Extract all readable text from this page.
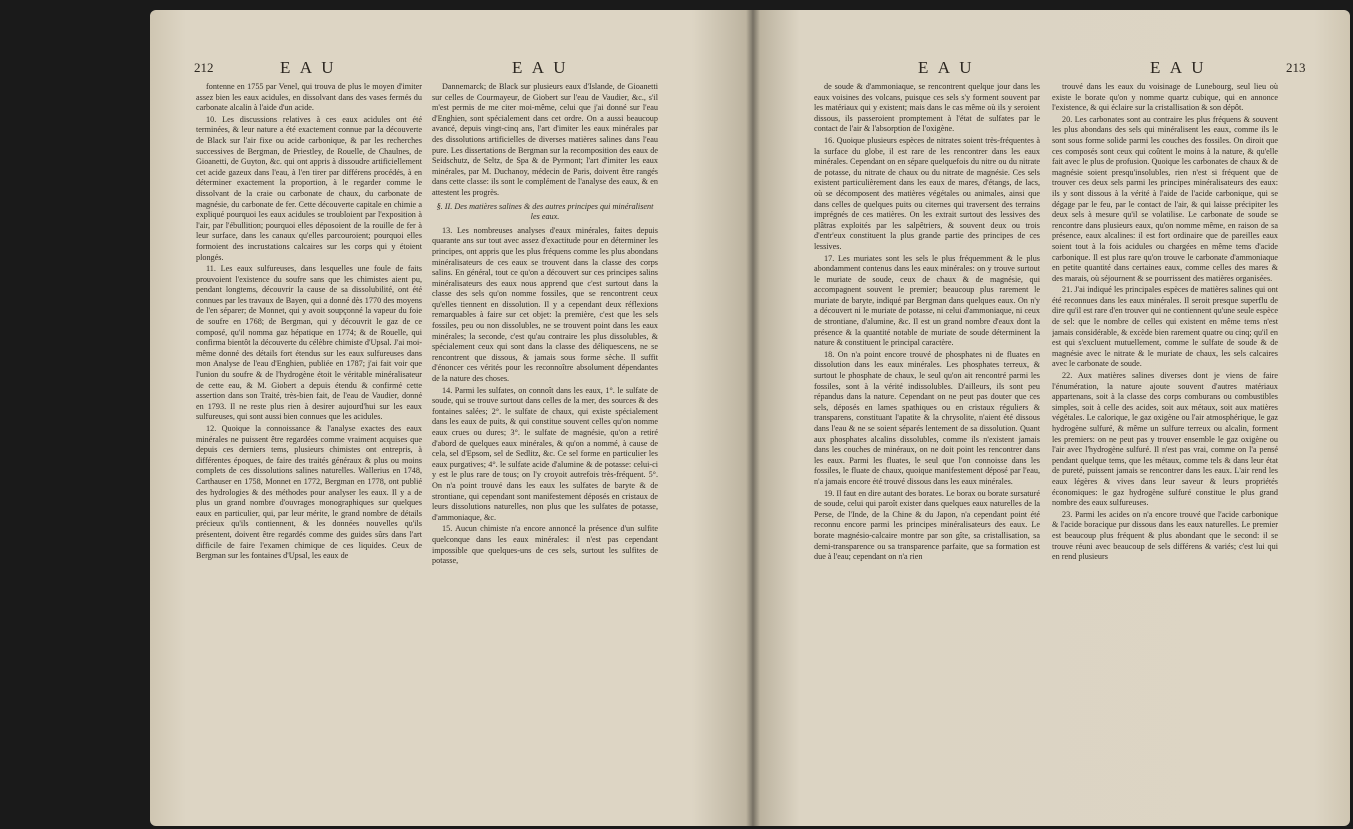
212	E A U	E A U

fontenne en 1755 par Venel, qui trouva de plus le moyen d'imiter assez bien les eaux acidules, en dissolvant dans des vases fermés du carbonate alcalin à l'aide d'un acide.

10. Les discussions relatives à ces eaux acidules ont été terminées, & leur nature a été exactement connue par la découverte de Black sur l'air fixe ou acide carbonique, & par les recherches successives de Bergman, de Priestley, de Rouelle, de Chaulnes, de Gioanetti, de Guyton, &c. qui ont appris à dissoudre artificiellement cet acide gazeux dans l'eau, à l'en tirer par différens procédés, à en déterminer exactement la proportion, à le regarder comme le dissolvant de la craie ou carbonate de chaux, du carbonate de magnésie, du carbonate de fer. Cette découverte capitale en chimie a expliqué pourquoi les eaux acidules se troubloient par l'exposition à l'air, par l'ébullition; pourquoi elles déposoient de la rouille de fer à leur surface, dans les canaux qu'elles parcouroient; pourquoi elles formoient des incrustations calcaires sur les corps qui y étoient plongés.

11. Les eaux sulfureuses, dans lesquelles une foule de faits prouvoient l'existence du soufre sans que les chimistes aient pu, pendant longtems, découvrir la cause de sa dissolubilité, ont été connues par les travaux de Bayen, qui a donné dès 1770 des moyens de l'en séparer; de Monnet, qui y avoit soupçonné la vapeur du foie de soufre en 1768; de Bergman, qui y découvrit le gaz de ce composé, qu'il nomma gaz hépatique en 1774; & de Rouelle, qui confirma bientôt la découverte du célèbre chimiste d'Upsal. J'ai moi-même donné des détails fort étendus sur les eaux sulfureuses dans mon Analyse de l'eau d'Enghien, publiée en 1787; j'ai fait voir que l'union du soufre & de l'hydrogène étoit le véritable minéralisateur de cette eau, & M. Giobert a depuis étendu & confirmé cette assertion dans son Traité, très-bien fait, de l'eau de Vaudier, donné en 1793. Il ne reste plus rien à desirer aujourd'hui sur les eaux sulfureuses, qui sont aussi bien connues que les acidules.

12. Quoique la connoissance & l'analyse exactes des eaux minérales ne puissent être regardées comme vraiment acquises que depuis ces derniers tems, plusieurs chimistes ont entrepris, à différentes époques, de faire des traités généraux & plus ou moins complets de ces dissolutions salines naturelles. Wallerius en 1748, Carthauser en 1758, Monnet en 1772, Bergman en 1778, ont publié des hydrologies & des méthodes pour analyser les eaux. Il y a de plus un grand nombre d'ouvrages monographiques sur quelques eaux en particulier, qui, par leur mérite, le grand nombre de détails précieux qu'ils contiennent, & les données nouvelles qu'ils présentent, doivent être regardés comme des guides sûrs dans l'art difficile de faire l'examen chimique de ces liquides. Ceux de Bergman sur les fontaines d'Upsal, les eaux de

Dannemarck; de Black sur plusieurs eaux d'Islande, de Gioanetti sur celles de Courmayeur, de Giobert sur l'eau de Vaudier, &c., s'il m'est permis de me citer moi-même, celui que j'ai donné sur l'eau d'Enghien, sont spécialement dans cet ordre. On a aussi beaucoup avancé, depuis vingt-cinq ans, l'art d'imiter les eaux minérales par des dissolutions artificielles de diverses matières salines dans l'eau pure. Les dissertations de Bergman sur la recomposition des eaux de Seidschutz, de Seltz, de Spa & de Pyrmont; l'art d'imiter les eaux minérales, par M. Duchanoy, médecin de Paris, doivent être rangés dans cette classe: ils sont le complément de l'analyse des eaux, & en attestent les progrès.

§. II. Des matières salines & des autres principes qui minéralisent les eaux.

13. Les nombreuses analyses d'eaux minérales, faites depuis quarante ans sur tout avec assez d'exactitude pour en déterminer les principes, ont appris que les plus fréquens comme les plus abondans minéralisateurs de ces eaux se trouvent dans la classe des corps salins. En général, tout ce qu'on a découvert sur ces principes salins minéralisateurs des eaux nous apprend que c'est surtout dans la classe des sels qu'on nomme fossiles, que se rencontrent ceux qu'elles tiennent en dissolution. Il y a cependant deux réflexions remarquables à faire sur cet objet: la première, c'est que les sels fossiles, peu ou non dissolubles, ne se trouvent point dans les eaux minérales; la seconde, c'est qu'au contraire les plus dissolubles, & spécialement ceux qui sont dans la classe des déliquescens, ne se rencontrent que dissous, & jamais sous forme sèche. Il suffit d'énoncer ces vérités pour les reconnoître absolument dépendantes de la nature des choses.

14. Parmi les sulfates, on connoît dans les eaux, 1°. le sulfate de soude, qui se trouve surtout dans celles de la mer, des sources & des fontaines salées; 2°. le sulfate de chaux, qui existe spécialement dans les eaux de puits, & qui constitue souvent celles qu'on nomme eaux crues ou dures; 3°. le sulfate de magnésie, qu'on a retiré d'abord de quelques eaux minérales, & qu'on a nommé, à cause de cela, sel d'Epsom, sel de Sedlitz, &c. Ce sel forme en particulier les eaux purgatives; 4°. le sulfate acide d'alumine & de potasse: celui-ci y est le plus rare de tous; on l'y croyoit autrefois très-fréquent. 5°. On n'a point trouvé dans les eaux les sulfates de baryte & de strontiane, qui cependant sont manifestement déposés en cristaux de leurs dissolutions naturelles, non plus que les sulfates de potasse, d'ammoniaque, &c.

15. Aucun chimiste n'a encore annoncé la présence d'un sulfite quelconque dans les eaux minérales: il n'est pas cependant impossible que quelques-uns de ces sels, surtout les sulfites de potasse,

E A U	E A U	213

de soude & d'ammoniaque, se rencontrent quelque jour dans les eaux voisines des volcans, puisque ces sels s'y forment souvent par les matériaux qui y existent; mais dans le cas même où ils y seroient dissous, ils passeroient promptement à l'état de sulfates par le contact de l'air & l'absorption de l'oxigène.

16. Quoique plusieurs espèces de nitrates soient très-fréquentes à la surface du globe, il est rare de les rencontrer dans les eaux minérales. Cependant on en sépare quelquefois du nitre ou du nitrate de potasse, du nitrate de chaux ou du nitrate de magnésie. Ces sels existent particulièrement dans les eaux de mares, d'étangs, de lacs, où se décomposent des matières végétales ou animales, ainsi que dans celles de quelques puits ou citernes qui traversent des terrains imprégnés de ces matières. On les extrait surtout des lessives des plâtras exploités par les salpêtriers, & souvent deux ou trois d'entr'eux constituent la plus grande partie des principes de ces lessives.

17. Les muriates sont les sels le plus fréquemment & le plus abondamment contenus dans les eaux minérales: on y trouve surtout le muriate de soude, ceux de chaux & de magnésie, qui accompagnent souvent le premier; beaucoup plus rarement le muriate de baryte, indiqué par Bergman dans quelques eaux. On n'y a découvert ni le muriate de potasse, ni celui d'ammoniaque, ni ceux de strontiane, d'alumine, &c. Il est un grand nombre d'eaux dont la présence & la quantité notable de muriate de soude déterminent la nature & constituent le principal caractère.

18. On n'a point encore trouvé de phosphates ni de fluates en dissolution dans les eaux minérales. Les phosphates terreux, & surtout le phosphate de chaux, le seul qu'on ait rencontré parmi les fossiles, sont à la vérité indissolubles. D'ailleurs, ils sont peu répandus dans la nature. Cependant on ne peut pas douter que ces sels, déposés en lames spathiques ou en cristaux réguliers & transparens, constituant l'apatite & la chrysolite, n'aient été dissous dans l'eau & ne se soient séparés lentement de sa dissolution. Quant aux phosphates alcalins dissolubles, comme ils n'existent jamais dans les couches de minéraux, on ne doit point les rencontrer dans les eaux. Parmi les fluates, le seul que l'on connoisse dans les fossiles, le fluate de chaux, quoique manifestement déposé par l'eau, n'a jamais encore été trouvé dissous dans les eaux minérales.

19. Il faut en dire autant des borates. Le borax ou borate sursaturé de soude, celui qui paroît exister dans quelques eaux naturelles de la Perse, de l'Inde, de la Chine & du Japon, n'a cependant point été reconnu encore parmi les principes minéralisateurs des eaux. Le borate magnésio-calcaire montre par son gîte, sa cristallisation, sa demi-transparence ou sa transparence parfaite, que sa formation est due à l'eau; cependant on n'a rien

trouvé dans les eaux du voisinage de Lunebourg, seul lieu où existe le borate qu'on y nomme quartz cubique, qui en annonce l'existence, & qui éclaire sur la cristallisation & son dépôt.

20. Les carbonates sont au contraire les plus fréquens & souvent les plus abondans des sels qui minéralisent les eaux, comme ils le sont sous forme solide parmi les couches des fossiles. On diroit que ces composés sont ceux qui coûtent le moins à la nature, & qu'elle fait avec le plus de profusion. Quoique les carbonates de chaux & de magnésie soient presqu'insolubles, rien n'est si fréquent que de trouver ces deux sels parmi les principes minéralisateurs des eaux: ils y sont dissous à la vérité à l'aide de l'acide carbonique, qui se dégage par le feu, par le contact de l'air, & qui laisse précipiter les deux sels à mesure qu'il se volatilise. Le carbonate de soude se rencontre dans plusieurs eaux, qu'on nomme même, en raison de sa présence, eaux alcalines: il est fort ordinaire que de pareilles eaux soient tout à la fois acidules ou chargées en même tems d'acide carbonique. Il est plus rare qu'on trouve le carbonate d'ammoniaque en petite quantité dans certaines eaux, comme celles des mares & des marais, où séjournent & se pourrissent des matières organisées.

21. J'ai indiqué les principales espèces de matières salines qui ont été reconnues dans les eaux minérales. Il seroit presque superflu de dire qu'il est rare d'en trouver qui ne contiennent qu'une seule espèce de sel: que le nombre de celles qui existent en même tems n'est jamais considérable, & excède bien rarement quatre ou cinq; qu'il en est qui s'excluent mutuellement, comme le sulfate de soude & de magnésie avec le nitrate & le muriate de chaux, les sels calcaires avec le carbonate de soude.

22. Aux matières salines diverses dont je viens de faire l'énumération, la nature ajoute souvent d'autres matériaux appartenans, soit à la classe des corps comburans ou combustibles simples, soit à celle des acides, soit aux métaux, soit aux matières végétales. Le calorique, le gaz oxigène ou l'air atmosphérique, le gaz hydrogène sulfuré, & même un sulfure terreux ou alcalin, forment les premiers: on ne peut pas y trouver ensemble le gaz oxigène ou l'air avec l'hydrogène sulfuré. Il n'est pas vrai, comme on l'a pensé pendant quelque tems, que les métaux, comme tels & dans leur état de pureté, puissent jamais se rencontrer dans les eaux. L'air rend les eaux légères & vives dans leur saveur & leurs propriétés économiques: le gaz hydrogène sulfuré constitue le plus grand nombre des eaux sulfureuses.

23. Parmi les acides on n'a encore trouvé que l'acide carbonique & l'acide boracique pur dissous dans les eaux naturelles. Le premier est beaucoup plus fréquent & plus abondant que le second: il se trouve réuni avec beaucoup de sels différens & variés; c'est lui qui en rend plusieurs
